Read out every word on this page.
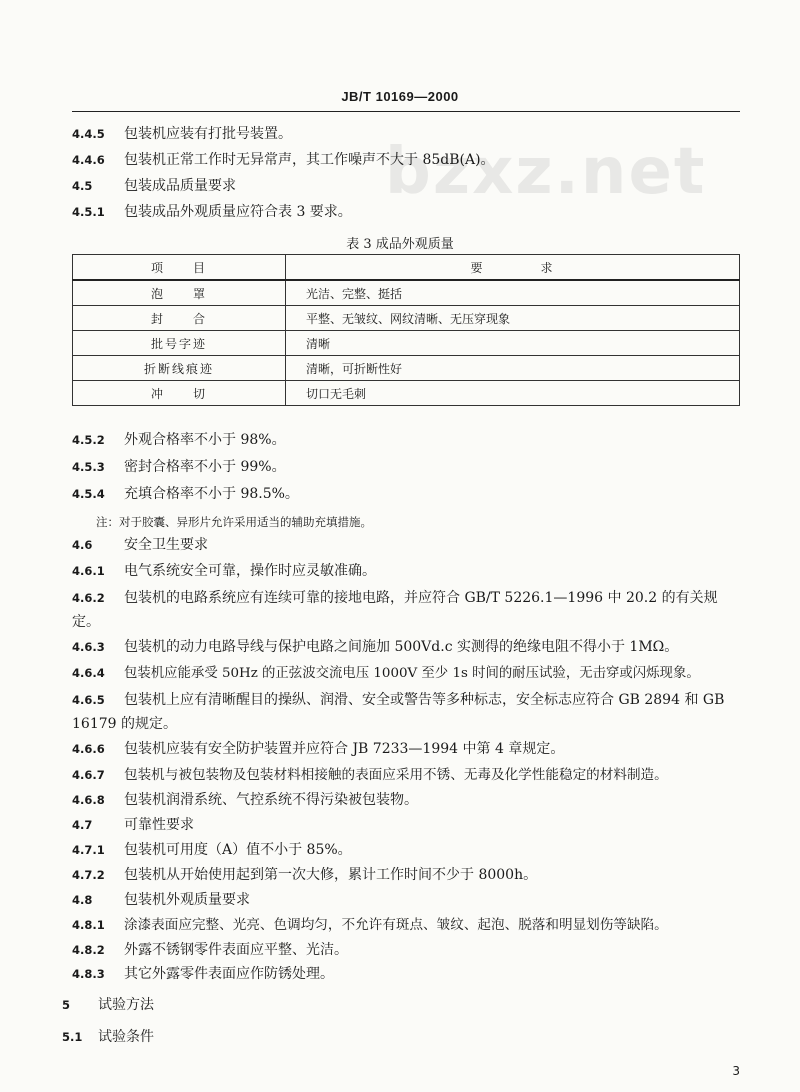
JB/T 10169—2000
bzxz.net
4.4.5 包装机应装有打批号装置。
4.4.6 包装机正常工作时无异常声，其工作噪声不大于 85dB(A)。
4.5 包装成品质量要求
4.5.1 包装成品外观质量应符合表 3 要求。
表 3 成品外观质量
项　　目	要　　　　求
泡　　罩	光洁、完整、挺括
封　　合	平整、无皱纹、网纹清晰、无压穿现象
批号字迹	清晰
折断线痕迹	清晰，可折断性好
冲　　切	切口无毛刺
4.5.2 外观合格率不小于 98%。
4.5.3 密封合格率不小于 99%。
4.5.4 充填合格率不小于 98.5%。
注：对于胶囊、异形片允许采用适当的辅助充填措施。
4.6 安全卫生要求
4.6.1 电气系统安全可靠，操作时应灵敏准确。
4.6.2 包装机的电路系统应有连续可靠的接地电路，并应符合 GB/T 5226.1—1996 中 20.2 的有关规定。
4.6.3 包装机的动力电路导线与保护电路之间施加 500Vd.c 实测得的绝缘电阻不得小于 1MΩ。
4.6.4 包装机应能承受 50Hz 的正弦波交流电压 1000V 至少 1s 时间的耐压试验，无击穿或闪烁现象。
4.6.5 包装机上应有清晰醒目的操纵、润滑、安全或警告等多种标志，安全标志应符合 GB 2894 和 GB 16179 的规定。
4.6.6 包装机应装有安全防护装置并应符合 JB 7233—1994 中第 4 章规定。
4.6.7 包装机与被包装物及包装材料相接触的表面应采用不锈、无毒及化学性能稳定的材料制造。
4.6.8 包装机润滑系统、气控系统不得污染被包装物。
4.7 可靠性要求
4.7.1 包装机可用度（A）值不小于 85%。
4.7.2 包装机从开始使用起到第一次大修，累计工作时间不少于 8000h。
4.8 包装机外观质量要求
4.8.1 涂漆表面应完整、光亮、色调均匀，不允许有斑点、皱纹、起泡、脱落和明显划伤等缺陷。
4.8.2 外露不锈钢零件表面应平整、光洁。
4.8.3 其它外露零件表面应作防锈处理。
5 试验方法
5.1 试验条件
3
